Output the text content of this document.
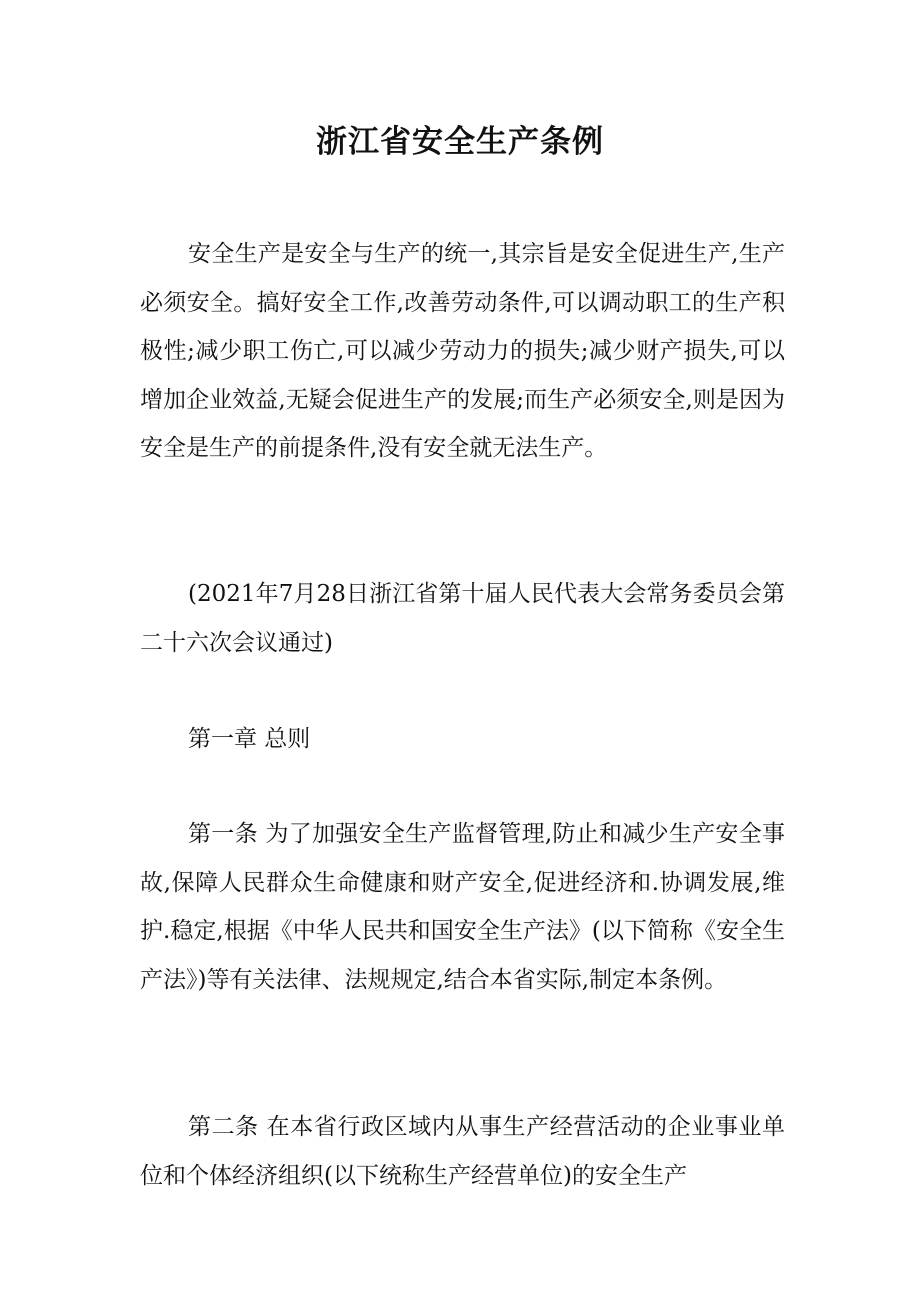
浙江省安全生产条例

安全生产是安全与生产的统一,其宗旨是安全促进生产,生产必须安全。搞好安全工作,改善劳动条件,可以调动职工的生产积极性;减少职工伤亡,可以减少劳动力的损失;减少财产损失,可以增加企业效益,无疑会促进生产的发展;而生产必须安全,则是因为安全是生产的前提条件,没有安全就无法生产。

(2021年7月28日浙江省第十届人民代表大会常务委员会第二十六次会议通过)

第一章 总则

第一条 为了加强安全生产监督管理,防止和减少生产安全事故,保障人民群众生命健康和财产安全,促进经济和.协调发展,维护.稳定,根据《中华人民共和国安全生产法》(以下简称《安全生产法》)等有关法律、法规规定,结合本省实际,制定本条例。

第二条 在本省行政区域内从事生产经营活动的企业事业单位和个体经济组织(以下统称生产经营单位)的安全生产
